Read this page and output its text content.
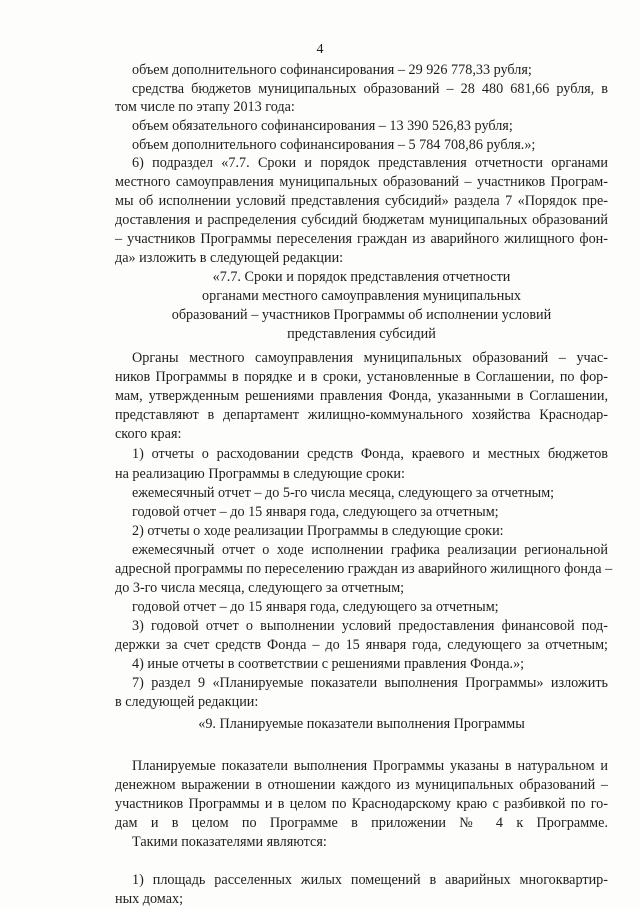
4
объем дополнительного софинансирования – 29 926 778,33 рубля;
средства бюджетов муниципальных образований – 28 480 681,66 рубля, в
том числе по этапу 2013 года:
объем обязательного софинансирования – 13 390 526,83 рубля;
объем дополнительного софинансирования – 5 784 708,86 рубля.»;
6) подраздел «7.7. Сроки и порядок представления отчетности органами
местного самоуправления муниципальных образований – участников Програм-
мы об исполнении условий представления субсидий» раздела 7 «Порядок пре-
доставления и распределения субсидий бюджетам муниципальных образований
– участников Программы переселения граждан из аварийного жилищного фон-
да» изложить в следующей редакции:
«7.7. Сроки и порядок представления отчетности
органами местного самоуправления муниципальных
образований – участников Программы об исполнении условий
представления субсидий
Органы местного самоуправления муниципальных образований – учас-
ников Программы в порядке и в сроки, установленные в Соглашении, по фор-
мам, утвержденным решениями правления Фонда, указанными в Соглашении,
представляют в департамент жилищно-коммунального хозяйства Краснодар-
ского края:
1) отчеты о расходовании средств Фонда, краевого и местных бюджетов
на реализацию Программы в следующие сроки:
ежемесячный отчет – до 5-го числа месяца, следующего за отчетным;
годовой отчет – до 15 января года, следующего за отчетным;
2) отчеты о ходе реализации Программы в следующие сроки:
ежемесячный отчет о ходе исполнении графика реализации региональной
адресной программы по переселению граждан из аварийного жилищного фонда –
до 3-го числа месяца, следующего за отчетным;
годовой отчет – до 15 января года, следующего за отчетным;
3) годовой отчет о выполнении условий предоставления финансовой под-
держки за счет средств Фонда – до 15 января года, следующего за отчетным;
4) иные отчеты в соответствии с решениями правления Фонда.»;
7) раздел 9 «Планируемые показатели выполнения Программы» изложить
в следующей редакции:
«9. Планируемые показатели выполнения Программы
Планируемые показатели выполнения Программы указаны в натуральном и
денежном выражении в отношении каждого из муниципальных образований –
участников Программы и в целом по Краснодарскому краю с разбивкой по го-
дам и в целом по Программе в приложении № 4 к Программе.
Такими показателями являются:
1) площадь расселенных жилых помещений в аварийных многоквартир-
ных домах;
